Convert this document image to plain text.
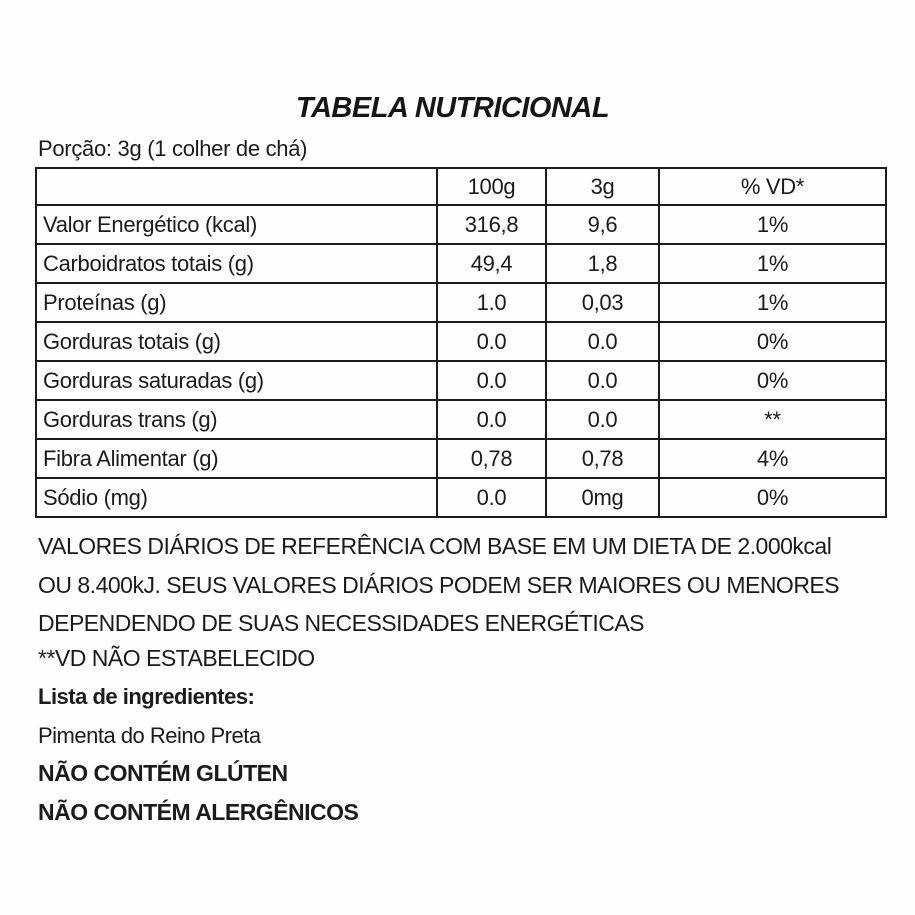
TABELA NUTRICIONAL
Porção: 3g (1 colher de chá)
	100g	3g	% VD*
Valor Energético (kcal)	316,8	9,6	1%
Carboidratos totais (g)	49,4	1,8	1%
Proteínas (g)	1.0	0,03	1%
Gorduras totais (g)	0.0	0.0	0%
Gorduras saturadas (g)	0.0	0.0	0%
Gorduras trans (g)	0.0	0.0	**
Fibra Alimentar (g)	0,78	0,78	4%
Sódio (mg)	0.0	0mg	0%
VALORES DIÁRIOS DE REFERÊNCIA COM BASE EM UM DIETA DE 2.000kcal
OU 8.400kJ. SEUS VALORES DIÁRIOS PODEM SER MAIORES OU MENORES
DEPENDENDO DE SUAS NECESSIDADES ENERGÉTICAS
**VD NÃO ESTABELECIDO
Lista de ingredientes:
Pimenta do Reino Preta
NÃO CONTÉM GLÚTEN
NÃO CONTÉM ALERGÊNICOS
